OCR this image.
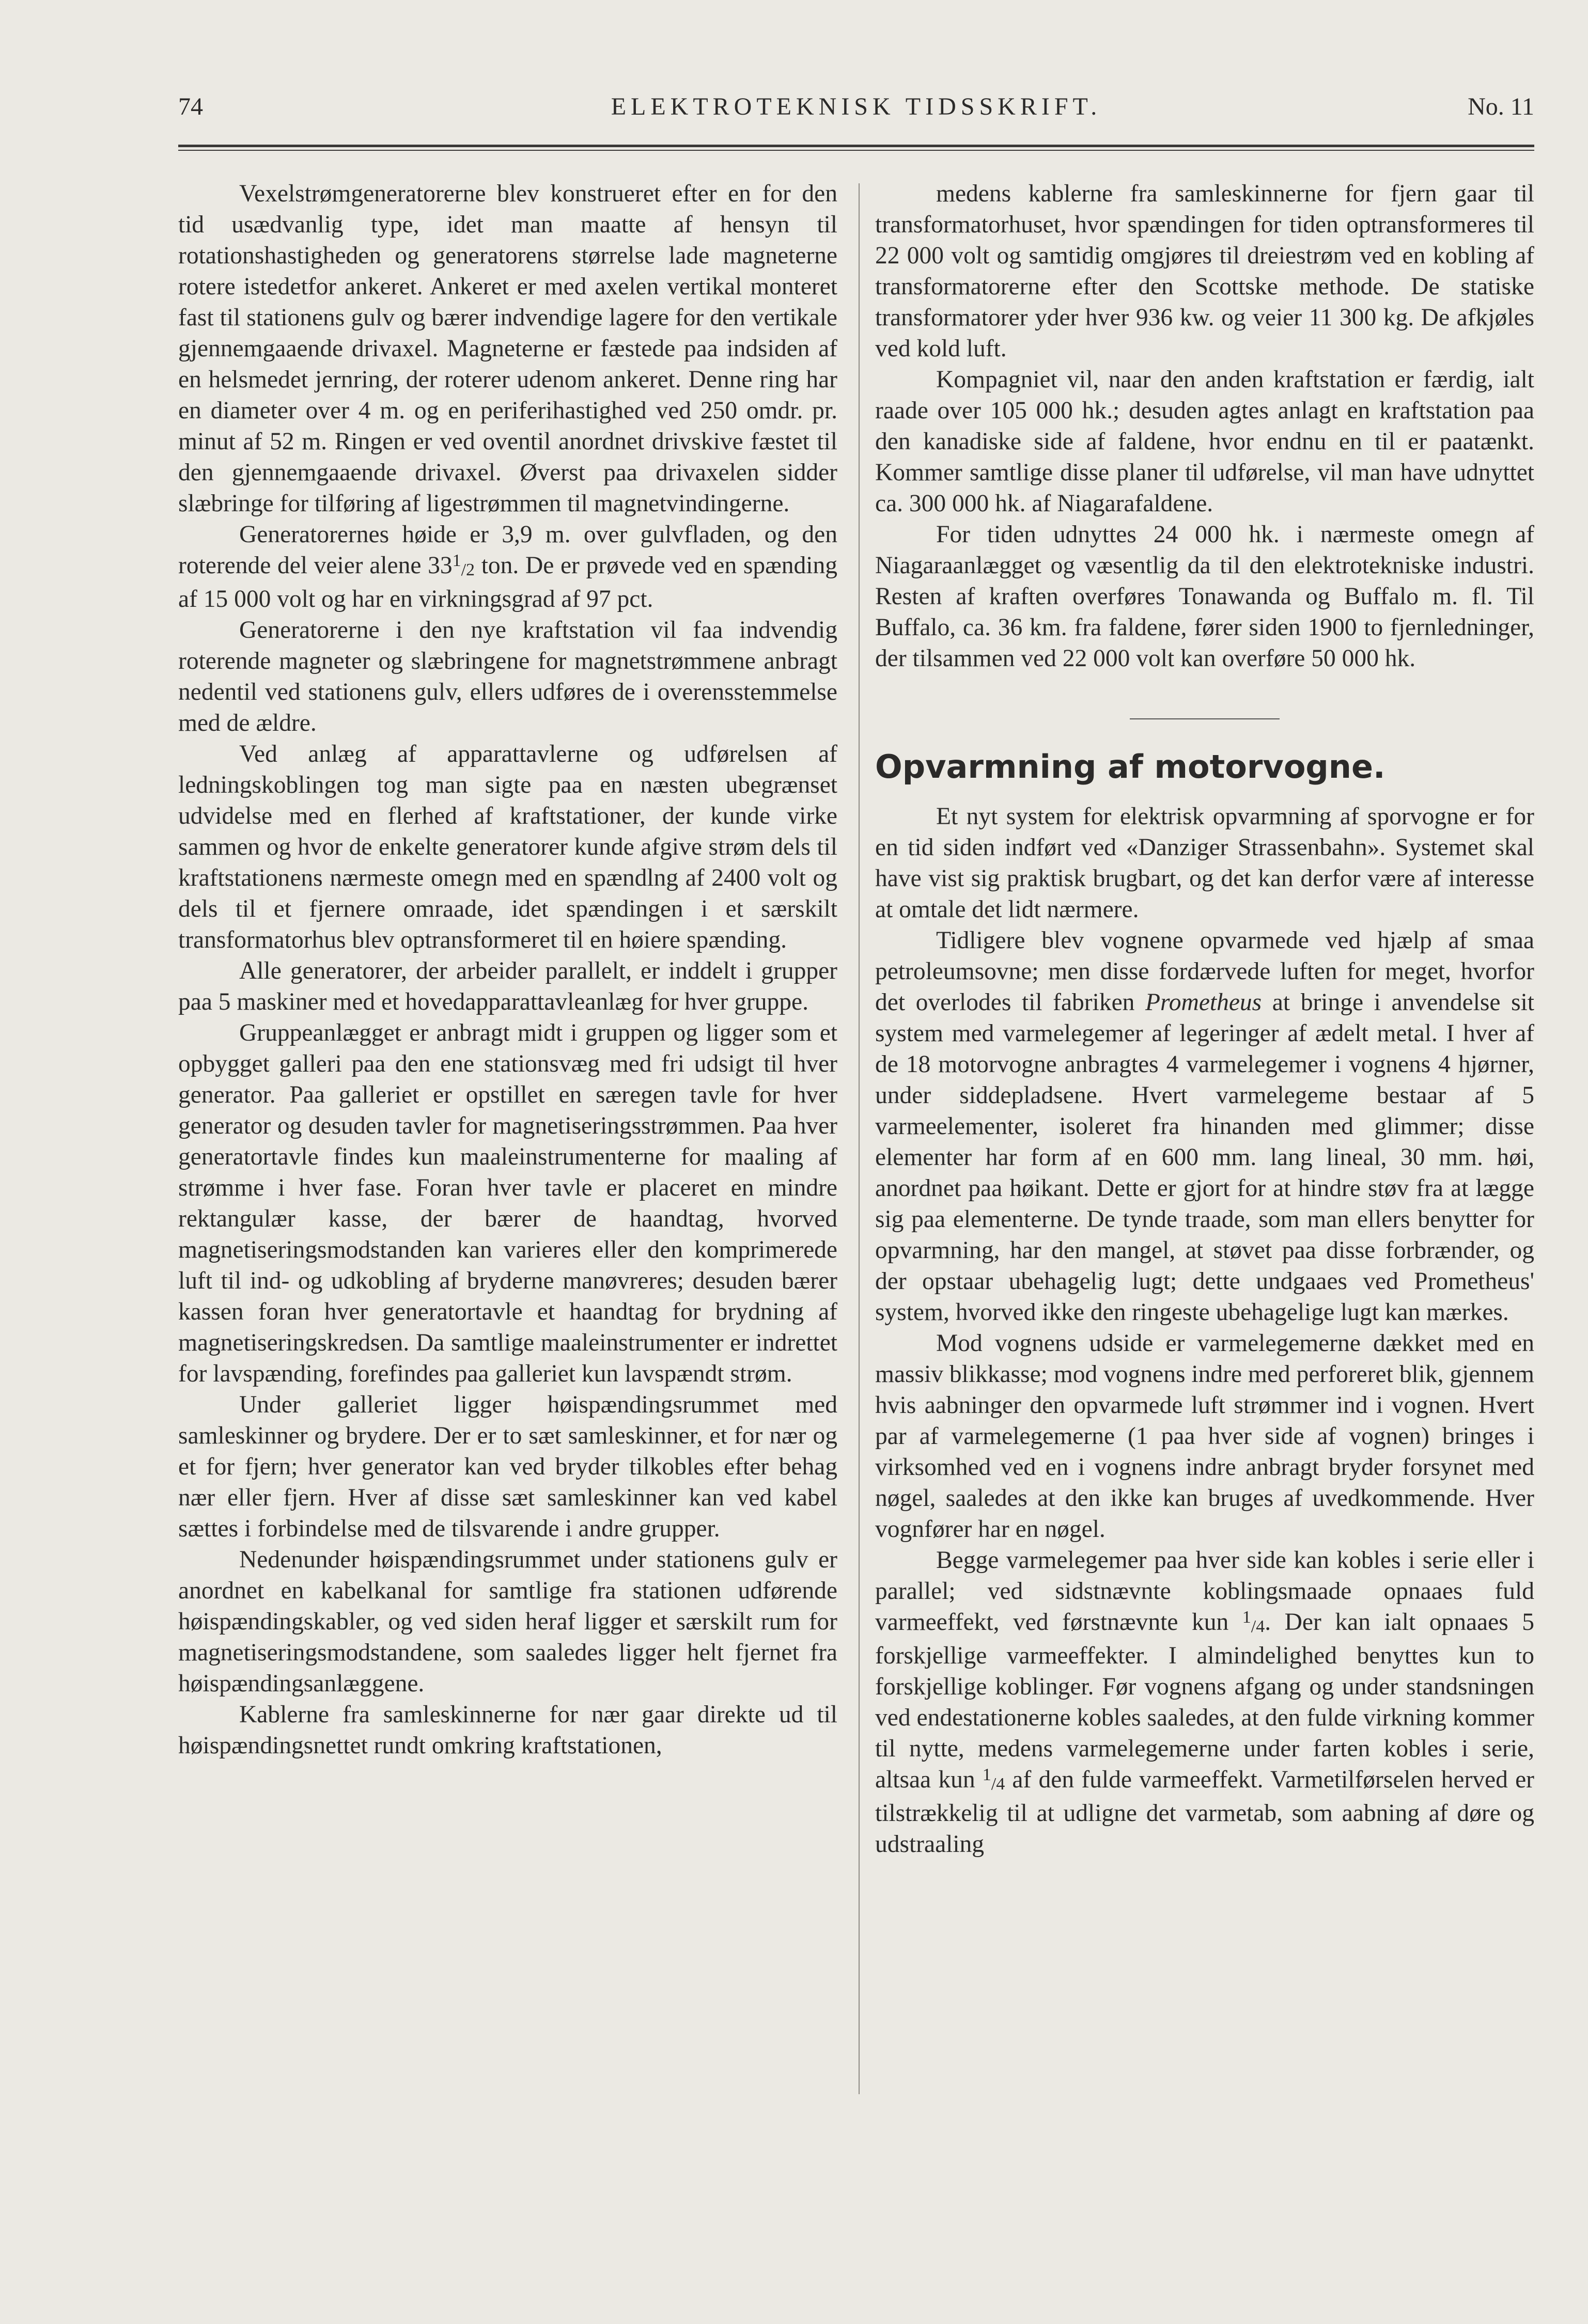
74	ELEKTROTEKNISK TIDSSKRIFT.	No. 11

Vexelstrømgeneratorerne blev konstrueret efter en for den tid usædvanlig type, idet man maatte af hensyn til rotationshastigheden og generatorens størrelse lade magneterne rotere istedetfor ankeret. Ankeret er med axelen vertikal monteret fast til stationens gulv og bærer indvendige lagere for den vertikale gjennemgaaende drivaxel. Magneterne er fæstede paa indsiden af en helsmedet jernring, der roterer udenom ankeret. Denne ring har en diameter over 4 m. og en periferihastighed ved 250 omdr. pr. minut af 52 m. Ringen er ved oventil anordnet drivskive fæstet til den gjennemgaaende drivaxel. Øverst paa drivaxelen sidder slæbringe for tilføring af ligestrømmen til magnetvindingerne.

Generatorernes høide er 3,9 m. over gulvfladen, og den roterende del veier alene $33^1/2$ ton. De er prøvede ved en spænding af 15 000 volt og har en virkningsgrad af 97 pct.

Generatorerne i den nye kraftstation vil faa indvendig roterende magneter og slæbringene for magnetstrømmene anbragt nedentil ved stationens gulv, ellers udføres de i overensstemmelse med de ældre.

Ved anlæg af apparattavlerne og udførelsen af ledningskoblingen tog man sigte paa en næsten ubegrænset udvidelse med en flerhed af kraftstationer, der kunde virke sammen og hvor de enkelte generatorer kunde afgive strøm dels til kraftstationens nærmeste omegn med en spændlng af 2400 volt og dels til et fjernere omraade, idet spændingen i et særskilt transformatorhus blev optransformeret til en høiere spænding.

Alle generatorer, der arbeider parallelt, er inddelt i grupper paa 5 maskiner med et hovedapparattavleanlæg for hver gruppe.

Gruppeanlægget er anbragt midt i gruppen og ligger som et opbygget galleri paa den ene stationsvæg med fri udsigt til hver generator. Paa galleriet er opstillet en særegen tavle for hver generator og desuden tavler for magnetiseringsstrømmen. Paa hver generatortavle findes kun maaleinstrumenterne for maaling af strømme i hver fase. Foran hver tavle er placeret en mindre rektangulær kasse, der bærer de haandtag, hvorved magnetiseringsmodstanden kan varieres eller den komprimerede luft til ind- og udkobling af bryderne manøvreres; desuden bærer kassen foran hver generatortavle et haandtag for brydning af magnetiseringskredsen. Da samtlige maaleinstrumenter er indrettet for lavspænding, forefindes paa galleriet kun lavspændt strøm.

Under galleriet ligger høispændingsrummet med samleskinner og brydere. Der er to sæt samleskinner, et for nær og et for fjern; hver generator kan ved bryder tilkobles efter behag nær eller fjern. Hver af disse sæt samleskinner kan ved kabel sættes i forbindelse med de tilsvarende i andre grupper.

Nedenunder høispændingsrummet under stationens gulv er anordnet en kabelkanal for samtlige fra stationen udførende høispændingskabler, og ved siden heraf ligger et særskilt rum for magnetiseringsmodstandene, som saaledes ligger helt fjernet fra høispændingsanlæggene.

Kablerne fra samleskinnerne for nær gaar direkte ud til høispændingsnettet rundt omkring kraftstationen,

medens kablerne fra samleskinnerne for fjern gaar til transformatorhuset, hvor spændingen for tiden optransformeres til 22 000 volt og samtidig omgjøres til dreiestrøm ved en kobling af transformatorerne efter den Scottske methode. De statiske transformatorer yder hver 936 kw. og veier 11 300 kg. De afkjøles ved kold luft.

Kompagniet vil, naar den anden kraftstation er færdig, ialt raade over 105 000 hk.; desuden agtes anlagt en kraftstation paa den kanadiske side af faldene, hvor endnu en til er paatænkt. Kommer samtlige disse planer til udførelse, vil man have udnyttet ca. 300 000 hk. af Niagarafaldene.

For tiden udnyttes 24 000 hk. i nærmeste omegn af Niagaraanlægget og væsentlig da til den elektrotekniske industri. Resten af kraften overføres Tonawanda og Buffalo m. fl. Til Buffalo, ca. 36 km. fra faldene, fører siden 1900 to fjernledninger, der tilsammen ved 22 000 volt kan overføre 50 000 hk.

Opvarmning af motorvogne.

Et nyt system for elektrisk opvarmning af sporvogne er for en tid siden indført ved «Danziger Strassenbahn». Systemet skal have vist sig praktisk brugbart, og det kan derfor være af interesse at omtale det lidt nærmere.

Tidligere blev vognene opvarmede ved hjælp af smaa petroleumsovne; men disse fordærvede luften for meget, hvorfor det overlodes til fabriken Prometheus at bringe i anvendelse sit system med varmelegemer af legeringer af ædelt metal. I hver af de 18 motorvogne anbragtes 4 varmelegemer i vognens 4 hjørner, under siddepladsene. Hvert varmelegeme bestaar af 5 varmeelementer, isoleret fra hinanden med glimmer; disse elementer har form af en 600 mm. lang lineal, 30 mm. høi, anordnet paa høikant. Dette er gjort for at hindre støv fra at lægge sig paa elementerne. De tynde traade, som man ellers benytter for opvarmning, har den mangel, at støvet paa disse forbrænder, og der opstaar ubehagelig lugt; dette undgaaes ved Prometheus' system, hvorved ikke den ringeste ubehagelige lugt kan mærkes.

Mod vognens udside er varmelegemerne dækket med en massiv blikkasse; mod vognens indre med perforeret blik, gjennem hvis aabninger den opvarmede luft strømmer ind i vognen. Hvert par af varmelegemerne (1 paa hver side af vognen) bringes i virksomhed ved en i vognens indre anbragt bryder forsynet med nøgel, saaledes at den ikke kan bruges af uvedkommende. Hver vognfører har en nøgel.

Begge varmelegemer paa hver side kan kobles i serie eller i parallel; ved sidstnævnte koblingsmaade opnaaes fuld varmeeffekt, ved førstnævnte kun $^1$/4. Der kan ialt opnaaes 5 forskjellige varmeeffekter. I almindelighed benyttes kun to forskjellige koblinger. Før vognens afgang og under standsningen ved endestationerne kobles saaledes, at den fulde virkning kommer til nytte, medens varmelegemerne under farten kobles i serie, altsaa kun $^1$/4 af den fulde varmeeffekt. Varmetilførselen herved er tilstrækkelig til at udligne det varmetab, som aabning af døre og udstraaling
